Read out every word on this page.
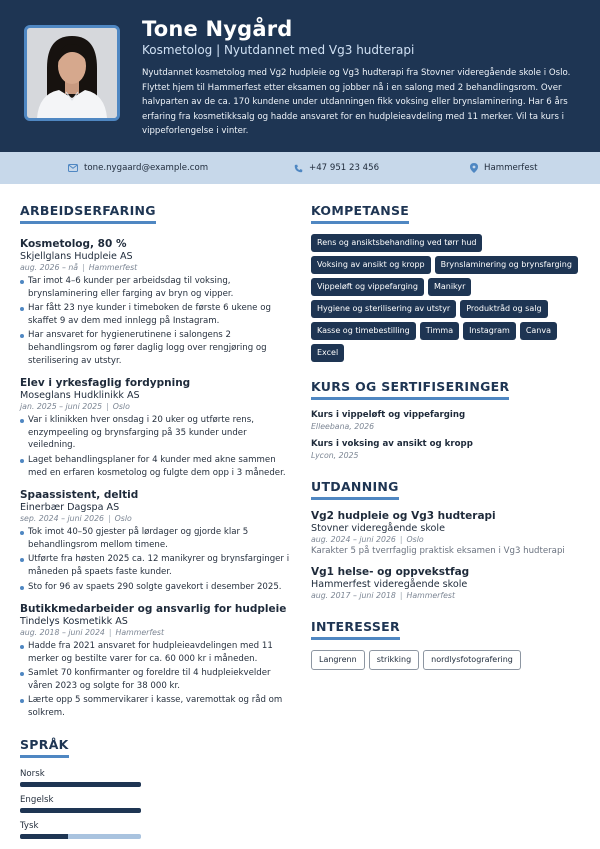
Tone Nygård
Kosmetolog | Nyutdannet med Vg3 hudterapi
Nyutdannet kosmetolog med Vg2 hudpleie og Vg3 hudterapi fra Stovner videregående skole i Oslo. Flyttet hjem til Hammerfest etter eksamen og jobber nå i en salong med 2 behandlingsrom. Over halvparten av de ca. 170 kundene under utdanningen fikk voksing eller brynslaminering. Har 6 års erfaring fra kosmetikksalg og hadde ansvaret for en hudpleieavdeling med 11 merker. Vil ta kurs i vippeforlengelse i vinter.
tone.nygaard@example.com	+47 951 23 456	Hammerfest
ARBEIDSERFARING
Kosmetolog, 80 %
Skjellglans Hudpleie AS
aug. 2026 – nå | Hammerfest
Tar imot 4–6 kunder per arbeidsdag til voksing, brynslaminering eller farging av bryn og vipper.
Har fått 23 nye kunder i timeboken de første 6 ukene og skaffet 9 av dem med innlegg på Instagram.
Har ansvaret for hygienerutinene i salongens 2 behandlingsrom og fører daglig logg over rengjøring og sterilisering av utstyr.
Elev i yrkesfaglig fordypning
Moseglans Hudklinikk AS
jan. 2025 – juni 2025 | Oslo
Var i klinikken hver onsdag i 20 uker og utførte rens, enzympeeling og brynsfarging på 35 kunder under veiledning.
Laget behandlingsplaner for 4 kunder med akne sammen med en erfaren kosmetolog og fulgte dem opp i 3 måneder.
Spaassistent, deltid
Einerbær Dagspa AS
sep. 2024 – juni 2026 | Oslo
Tok imot 40–50 gjester på lørdager og gjorde klar 5 behandlingsrom mellom timene.
Utførte fra høsten 2025 ca. 12 manikyrer og brynsfarginger i måneden på spaets faste kunder.
Sto for 96 av spaets 290 solgte gavekort i desember 2025.
Butikkmedarbeider og ansvarlig for hudpleie
Tindelys Kosmetikk AS
aug. 2018 – juni 2024 | Hammerfest
Hadde fra 2021 ansvaret for hudpleieavdelingen med 11 merker og bestilte varer for ca. 60 000 kr i måneden.
Samlet 70 konfirmanter og foreldre til 4 hudpleiekvelder våren 2023 og solgte for 38 000 kr.
Lærte opp 5 sommervikarer i kasse, varemottak og råd om solkrem.
SPRÅK
Norsk
Engelsk
Tysk
KOMPETANSE
Rens og ansiktsbehandling ved tørr hud
Voksing av ansikt og kropp	Brynslaminering og brynsfarging
Vippeløft og vippefarging	Manikyr
Hygiene og sterilisering av utstyr	Produktråd og salg
Kasse og timebestilling	Timma	Instagram	Canva
Excel
KURS OG SERTIFISERINGER
Kurs i vippeløft og vippefarging
Elleebana, 2026
Kurs i voksing av ansikt og kropp
Lycon, 2025
UTDANNING
Vg2 hudpleie og Vg3 hudterapi
Stovner videregående skole
aug. 2024 – juni 2026 | Oslo
Karakter 5 på tverrfaglig praktisk eksamen i Vg3 hudterapi
Vg1 helse- og oppvekstfag
Hammerfest videregående skole
aug. 2017 – juni 2018 | Hammerfest
INTERESSER
Langrenn	strikking	nordlysfotografering
